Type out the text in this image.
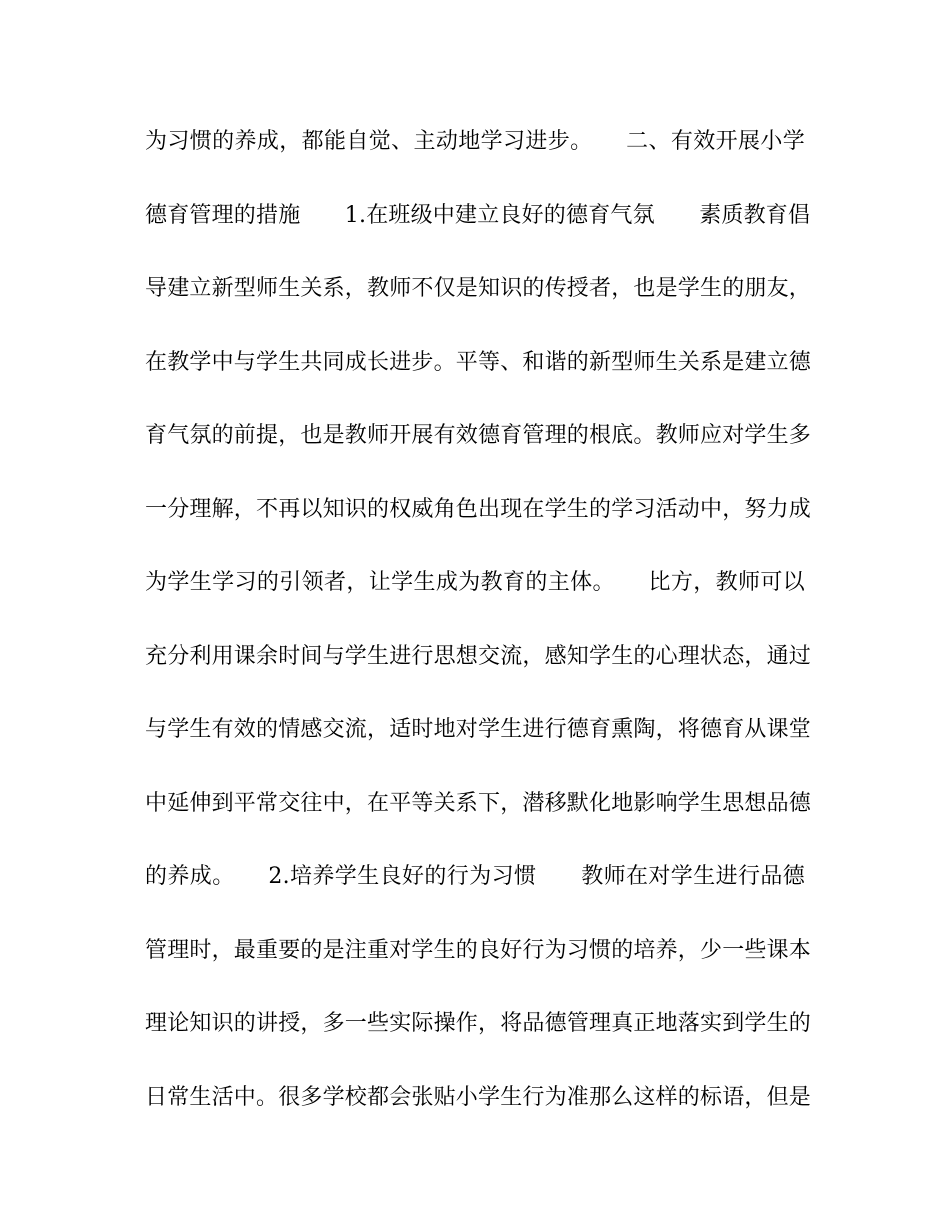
为习惯的养成，都能自觉、主动地学习进步。　　二、有效开展小学
德育管理的措施　　1.在班级中建立良好的德育气氛　　素质教育倡
导建立新型师生关系，教师不仅是知识的传授者，也是学生的朋友，
在教学中与学生共同成长进步。平等、和谐的新型师生关系是建立德
育气氛的前提，也是教师开展有效德育管理的根底。教师应对学生多
一分理解，不再以知识的权威角色出现在学生的学习活动中，努力成
为学生学习的引领者，让学生成为教育的主体。　　比方，教师可以
充分利用课余时间与学生进行思想交流，感知学生的心理状态，通过
与学生有效的情感交流，适时地对学生进行德育熏陶，将德育从课堂
中延伸到平常交往中，在平等关系下，潜移默化地影响学生思想品德
的养成。　　2.培养学生良好的行为习惯　　教师在对学生进行品德
管理时，最重要的是注重对学生的良好行为习惯的培养，少一些课本
理论知识的讲授，多一些实际操作，将品德管理真正地落实到学生的
日常生活中。很多学校都会张贴小学生行为准那么这样的标语，但是
